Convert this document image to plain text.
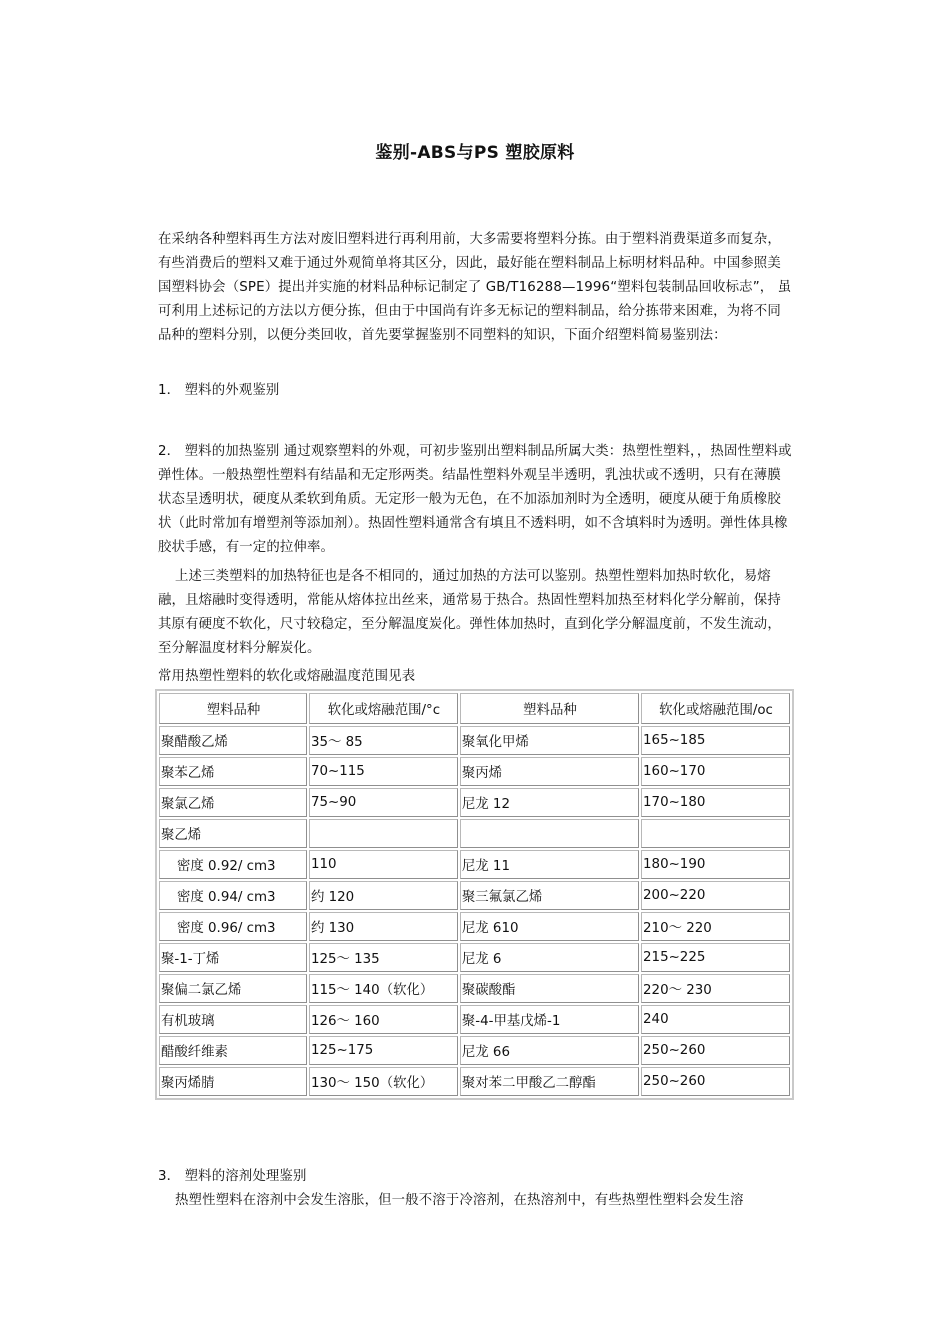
鉴别-ABS与PS 塑胶原料
在采纳各种塑料再生方法对废旧塑料进行再利用前，大多需要将塑料分拣。由于塑料消费渠道多而复杂，有些消费后的塑料又难于通过外观简单将其区分，因此，最好能在塑料制品上标明材料品种。中国参照美国塑料协会（SPE）提出并实施的材料品种标记制定了 GB/T16288—1996“塑料包装制品回收标志”， 虽可利用上述标记的方法以方便分拣，但由于中国尚有许多无标记的塑料制品，给分拣带来困难，为将不同品种的塑料分别，以便分类回收，首先要掌握鉴别不同塑料的知识，下面介绍塑料简易鉴别法：
1． 塑料的外观鉴别
2． 塑料的加热鉴别 通过观察塑料的外观，可初步鉴别出塑料制品所属大类：热塑性塑料，，热固性塑料或弹性体。一般热塑性塑料有结晶和无定形两类。结晶性塑料外观呈半透明，乳浊状或不透明，只有在薄膜状态呈透明状，硬度从柔软到角质。无定形一般为无色，在不加添加剂时为全透明，硬度从硬于角质橡胶状（此时常加有增塑剂等添加剂）。热固性塑料通常含有填且不透料明，如不含填料时为透明。弹性体具橡胶状手感，有一定的拉伸率。
上述三类塑料的加热特征也是各不相同的，通过加热的方法可以鉴别。热塑性塑料加热时软化，易熔融，且熔融时变得透明，常能从熔体拉出丝来，通常易于热合。热固性塑料加热至材料化学分解前，保持其原有硬度不软化，尺寸较稳定，至分解温度炭化。弹性体加热时，直到化学分解温度前，不发生流动，至分解温度材料分解炭化。
常用热塑性塑料的软化或熔融温度范围见表
塑料品种	软化或熔融范围/°c	塑料品种	软化或熔融范围/oc
聚醋酸乙烯	35～ 85	聚氧化甲烯	165~185
聚苯乙烯	70~115	聚丙烯	160~170
聚氯乙烯	75~90	尼龙 12	170~180
聚乙烯			
密度 0.92/ cm3	110	尼龙 11	180~190
密度 0.94/ cm3	约 120	聚三氟氯乙烯	200~220
密度 0.96/ cm3	约 130	尼龙 610	210～ 220
聚-1-丁烯	125～ 135	尼龙 6	215~225
聚偏二氯乙烯	115～ 140（软化）	聚碳酸酯	220～ 230
有机玻璃	126～ 160	聚-4-甲基戊烯-1	240
醋酸纤维素	125~175	尼龙 66	250~260
聚丙烯腈	130～ 150（软化）	聚对苯二甲酸乙二醇酯	250~260
3． 塑料的溶剂处理鉴别
热塑性塑料在溶剂中会发生溶胀，但一般不溶于冷溶剂，在热溶剂中，有些热塑性塑料会发生溶
